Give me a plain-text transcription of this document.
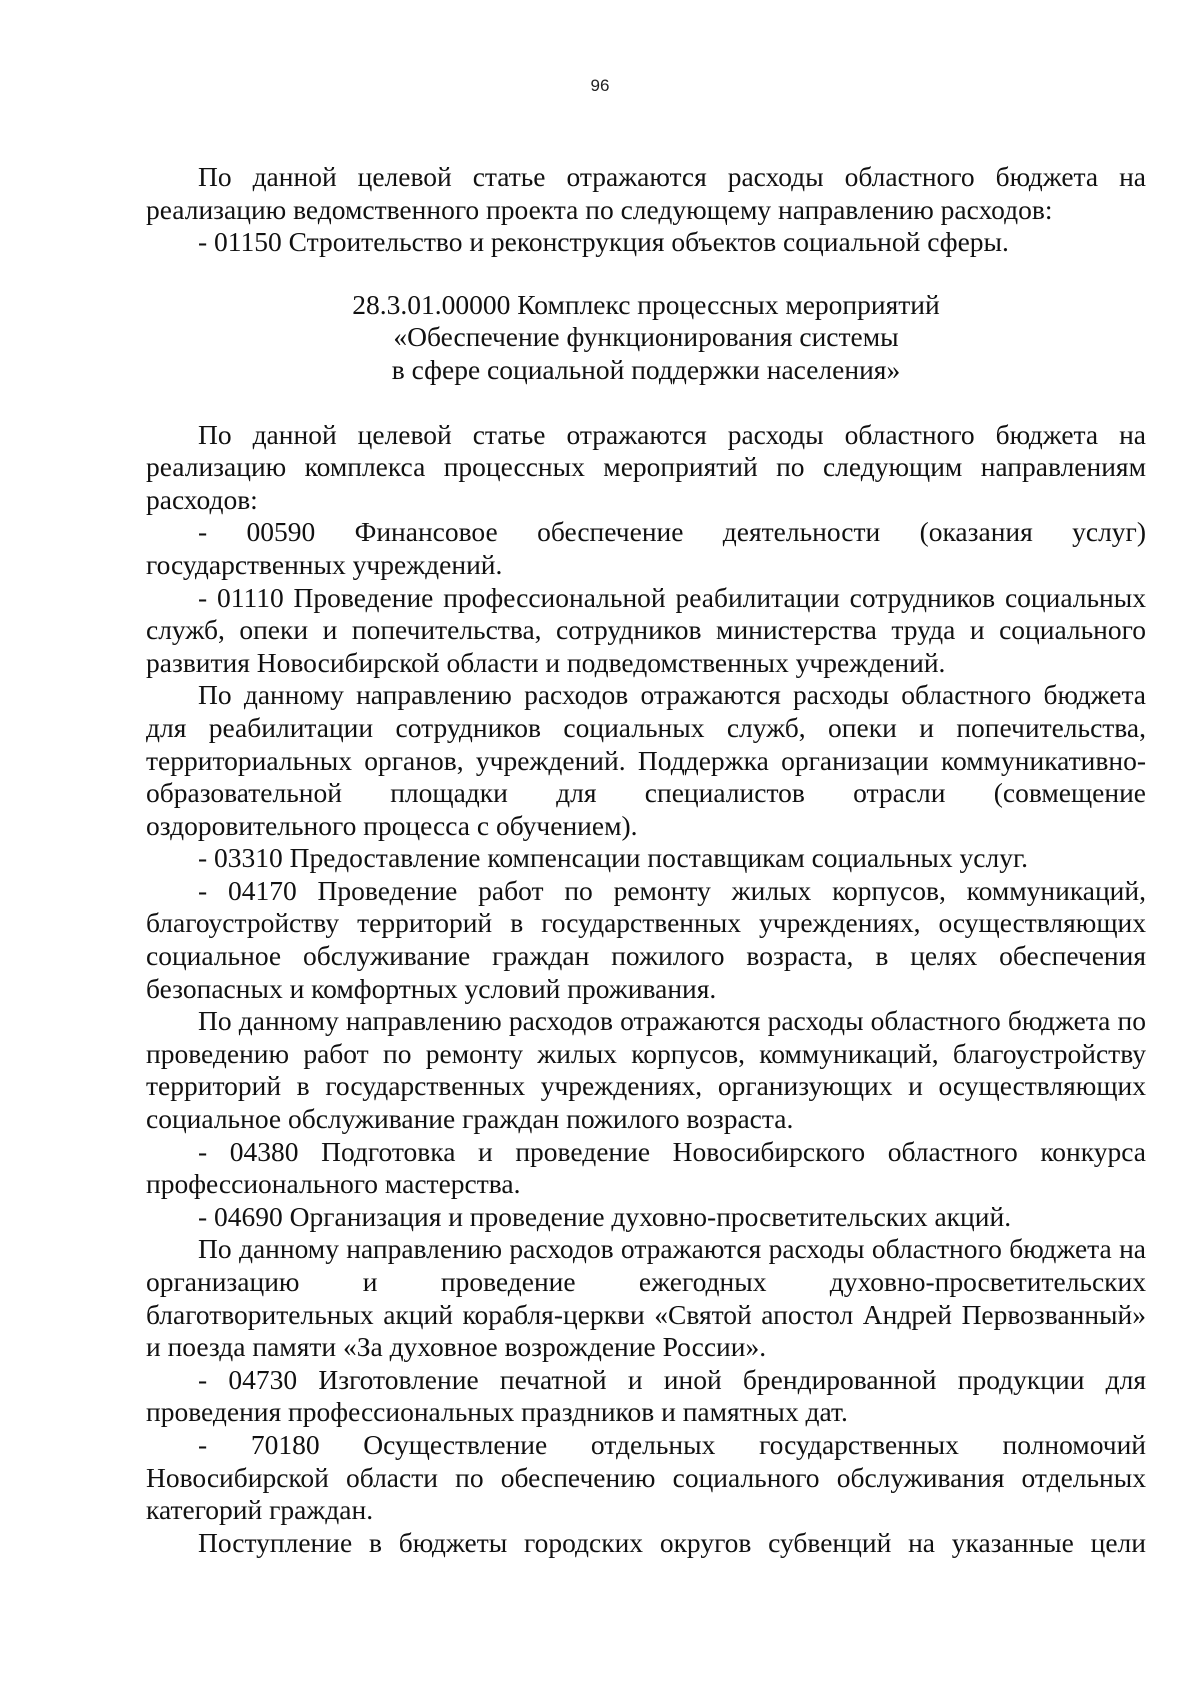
96

По данной целевой статье отражаются расходы областного бюджета на реализацию ведомственного проекта по следующему направлению расходов:

- 01150 Строительство и реконструкция объектов социальной сферы.

28.3.01.00000 Комплекс процессных мероприятий
«Обеспечение функционирования системы
в сфере социальной поддержки населения»

По данной целевой статье отражаются расходы областного бюджета на реализацию комплекса процессных мероприятий по следующим направлениям расходов:

- 00590 Финансовое обеспечение деятельности (оказания услуг) государственных учреждений.

- 01110 Проведение профессиональной реабилитации сотрудников социальных служб, опеки и попечительства, сотрудников министерства труда и социального развития Новосибирской области и подведомственных учреждений.

По данному направлению расходов отражаются расходы областного бюджета для реабилитации сотрудников социальных служб, опеки и попечительства, территориальных органов, учреждений. Поддержка организации коммуникативно-образовательной площадки для специалистов отрасли (совмещение оздоровительного процесса с обучением).

- 03310 Предоставление компенсации поставщикам социальных услуг.

- 04170 Проведение работ по ремонту жилых корпусов, коммуникаций, благоустройству территорий в государственных учреждениях, осуществляющих социальное обслуживание граждан пожилого возраста, в целях обеспечения безопасных и комфортных условий проживания.

По данному направлению расходов отражаются расходы областного бюджета по проведению работ по ремонту жилых корпусов, коммуникаций, благоустройству территорий в государственных учреждениях, организующих и осуществляющих социальное обслуживание граждан пожилого возраста.

- 04380 Подготовка и проведение Новосибирского областного конкурса профессионального мастерства.

- 04690 Организация и проведение духовно-просветительских акций.

По данному направлению расходов отражаются расходы областного бюджета на организацию и проведение ежегодных духовно-просветительских благотворительных акций корабля-церкви «Святой апостол Андрей Первозванный» и поезда памяти «За духовное возрождение России».

- 04730 Изготовление печатной и иной брендированной продукции для проведения профессиональных праздников и памятных дат.

- 70180 Осуществление отдельных государственных полномочий Новосибирской области по обеспечению социального обслуживания отдельных категорий граждан.

Поступление в бюджеты городских округов субвенций на указанные цели
